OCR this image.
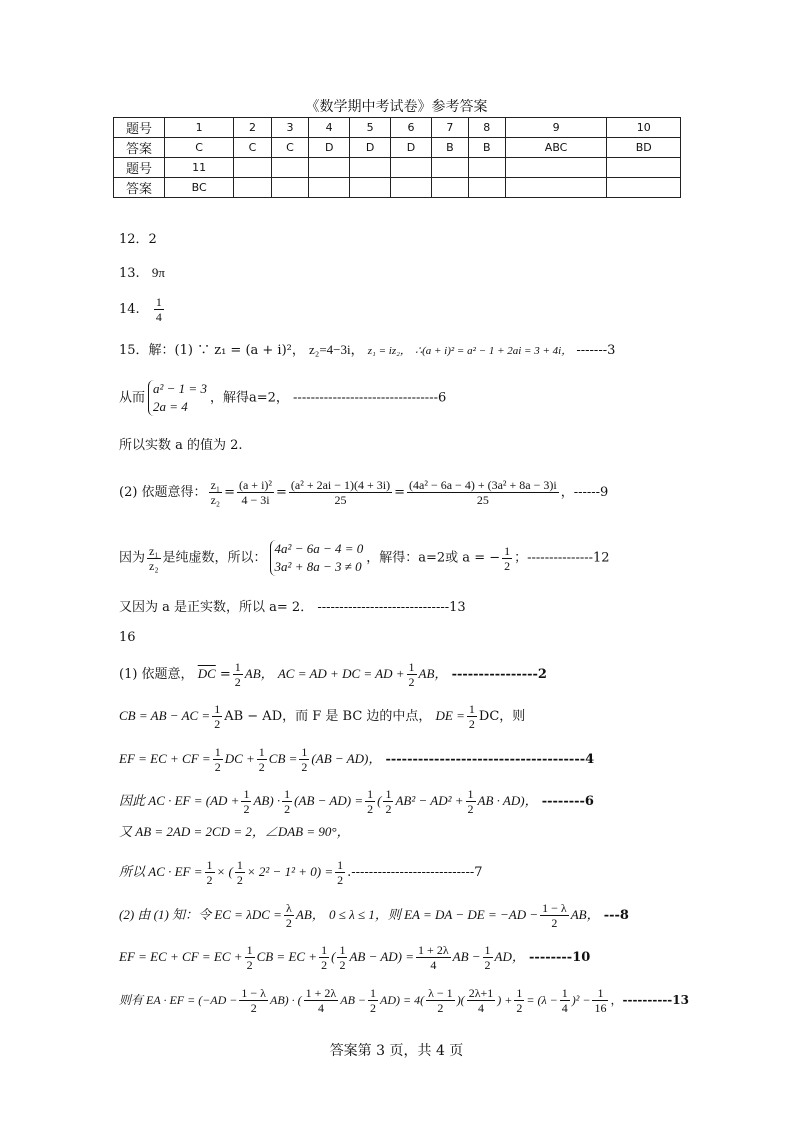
《数学期中考试卷》参考答案
题号	1	2	3	4	5	6	7	8	9	10
答案	C	C	C	D	D	D	B	B	ABC	BD
题号	11									
答案	BC									
12．2
13. 9π
14. $\frac{1}{4}$
15．解：(1) ∵ z₁ = (a + i)²， z₂=4−3i， z₁ = iz₂， ∴(a + i)² = a² − 1 + 2ai = 3 + 4i， -------3
从而
a² − 1 = 3
2a = 4
，解得a=2， ---------------------------------6
所以实数 a 的值为 2.
(2) 依题意得： $\frac{\text{z₁}}{\text{z₂}} = \frac{\text{(a + i)²}}{4 - 3i} = \frac{\text{(a² + 2ai − 1)(4 + 3i)}}{25} = \frac{\text{(4a² − 6a − 4) + (3a² + 8a − 3)i}}{25}$ ，------9
因为 $\frac{\text{z₁}}{\text{z₂}}$ 是纯虚数，所以：
4a² − 6a − 4 = 0
3a² + 8a − 3 ≠ 0
，解得：a=2或 a = − $\frac{1}{2}$ ；---------------12
又因为 a 是正实数，所以 a= 2． ------------------------------13
16
(1) 依题意， $\overline{DC} = \frac{1}{2}$ AB， AC = AD + DC = AD + $\frac{1}{2}$ AB， ----------------2
CB = AB − AC = $\frac{1}{2}$ AB − AD，而 F 是 BC 边的中点， DE = $\frac{1}{2}$ DC，则
EF = EC + CF = $\frac{1}{2}$ DC + $\frac{1}{2}$ CB = $\frac{1}{2} (AB - AD)$， -------------------------------------4
因此 AC · EF = $(AD + \frac{1}{2} AB) \cdot \frac{1}{2} (AB - AD) = \frac{1}{2}$ ( $\frac{1}{2} AB^2 - AD^2 + \frac{1}{2}$ AB · AD)， --------6
又 AB = 2AD = 2CD = 2，∠DAB = 90°，
所以 AC · EF = $\frac{1}{2}$ × ( $\frac{1}{2} \times 2^2 - 1^2 + 0) = \frac{1}{2} .----------------------------7$
(2) 由 (1) 知：令 EC = $\lambda DC = \frac{\lambda}{2}$ AB， 0 ≤ λ ≤ 1，则 EA = DA − DE = $-AD - \frac{1 - \lambda}{2}$ AB， ---8
EF = EC + CF = EC + $\frac{1}{2}$ CB = EC + $\frac{1}{2}$ ( $\frac{1}{2}$ AB − $AD) = \frac{1 + 2\lambda}{4}$ AB − $\frac{1}{2}$ AD， --------10
则有 EA · EF = $(-AD - \frac{1 - \lambda}{2} AB)$ · ( $\frac{1 + 2\lambda}{4}$ AB − $\frac{1}{2} AD) = 4( \frac{\lambda - 1}{2}$ )( $\frac{2\lambda+1}{4}$ ) + $\frac{1}{2} = (\lambda - \frac{1}{4} )^2 - \frac{1}{16}$ ，----------13
答案第 3 页，共 4 页
